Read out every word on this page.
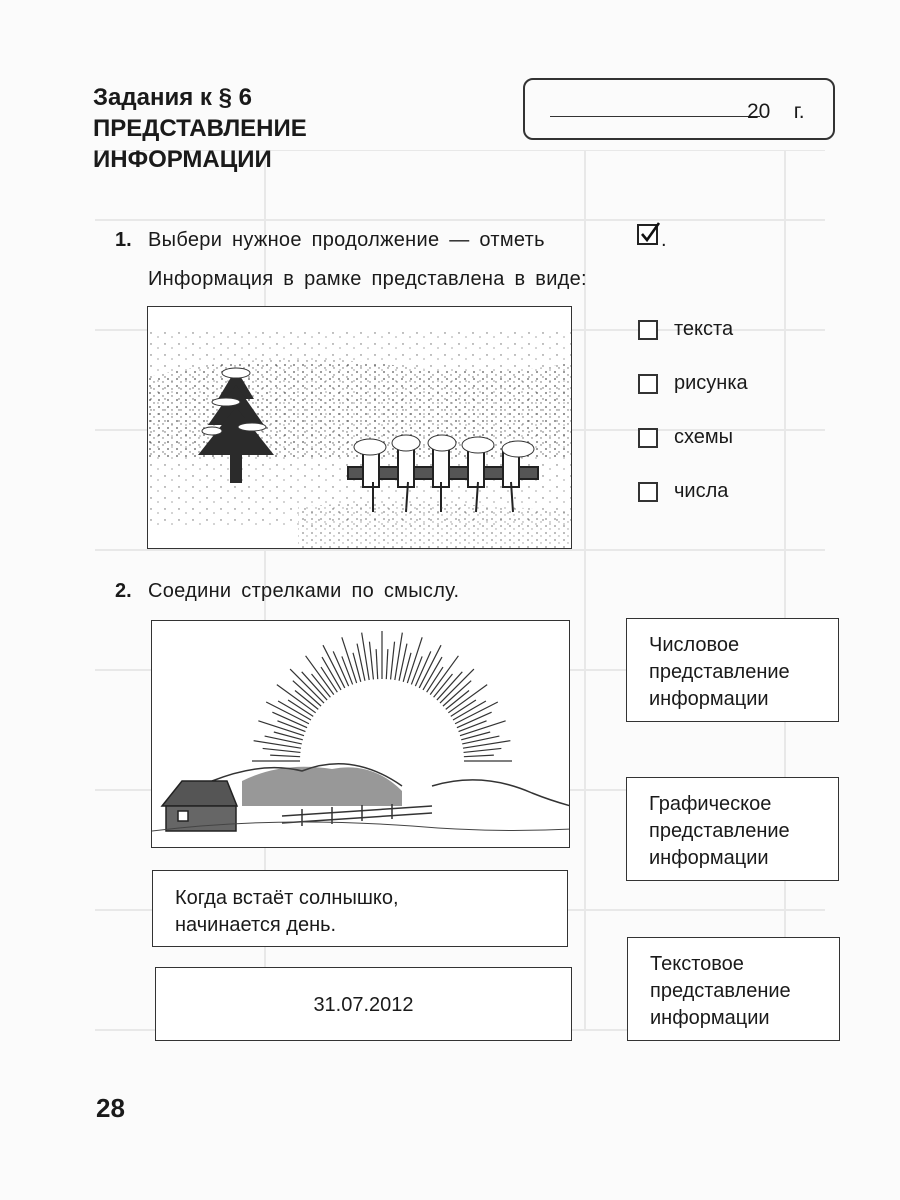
Задания к § 6
ПРЕДСТАВЛЕНИЕ
ИНФОРМАЦИИ
20    г.
1. Выбери нужное продолжение — отметь	.
Информация в рамке представлена в виде:
текста
рисунка
схемы
числа
2. Соедини стрелками по смыслу.
Когда встаёт солнышко,
начинается день.
31.07.2012
Числовое
представление
информации
Графическое
представление
информации
Текстовое
представление
информации
28
